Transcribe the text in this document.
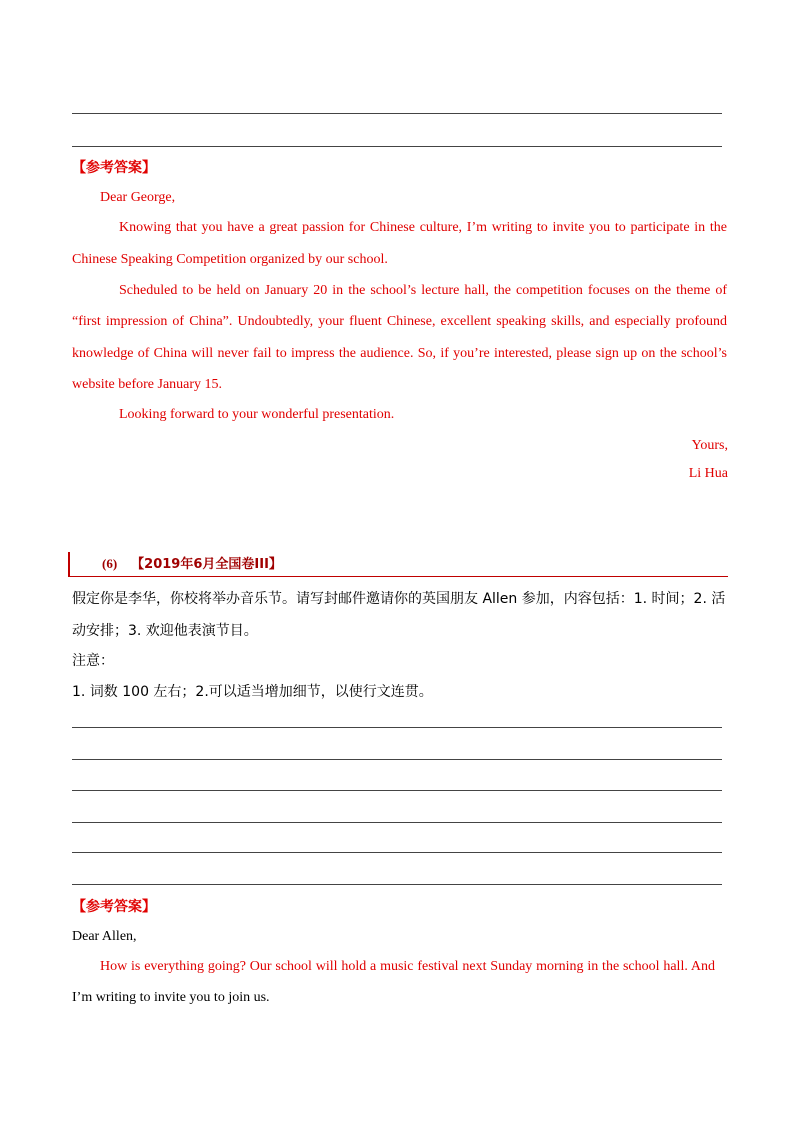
【参考答案】
Dear George,
Knowing that you have a great passion for Chinese culture, I’m writing to invite you to participate in the
Chinese Speaking Competition organized by our school.
Scheduled to be held on January 20 in the school’s lecture hall, the competition focuses on the theme of
“first impression of China”. Undoubtedly, your fluent Chinese, excellent speaking skills, and especially profound
knowledge of China will never fail to impress the audience. So, if you’re interested, please sign up on the school’s
website before January 15.
Looking forward to your wonderful presentation.
Yours,
Li Hua
(6) 【2019年6月全国卷III】
假定你是李华，你校将举办音乐节。请写封邮件邀请你的英国朋友 Allen 参加，内容包括：1. 时间；2. 活
动安排；3. 欢迎他表演节目。
注意：
1. 词数 100 左右；2.可以适当增加细节，以使行文连贯。
【参考答案】
Dear Allen,
How is everything going? Our school will hold a music festival next Sunday morning in the school hall. And
I’m writing to invite you to join us.
